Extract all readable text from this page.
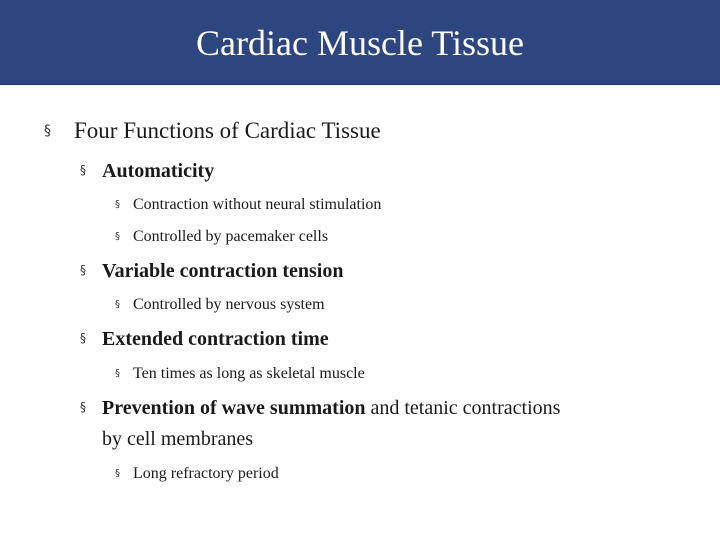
Cardiac Muscle Tissue
§ Four Functions of Cardiac Tissue
§ Automaticity
§ Contraction without neural stimulation
§ Controlled by pacemaker cells
§ Variable contraction tension
§ Controlled by nervous system
§ Extended contraction time
§ Ten times as long as skeletal muscle
§ Prevention of wave summation and tetanic contractions
by cell membranes
§ Long refractory period
